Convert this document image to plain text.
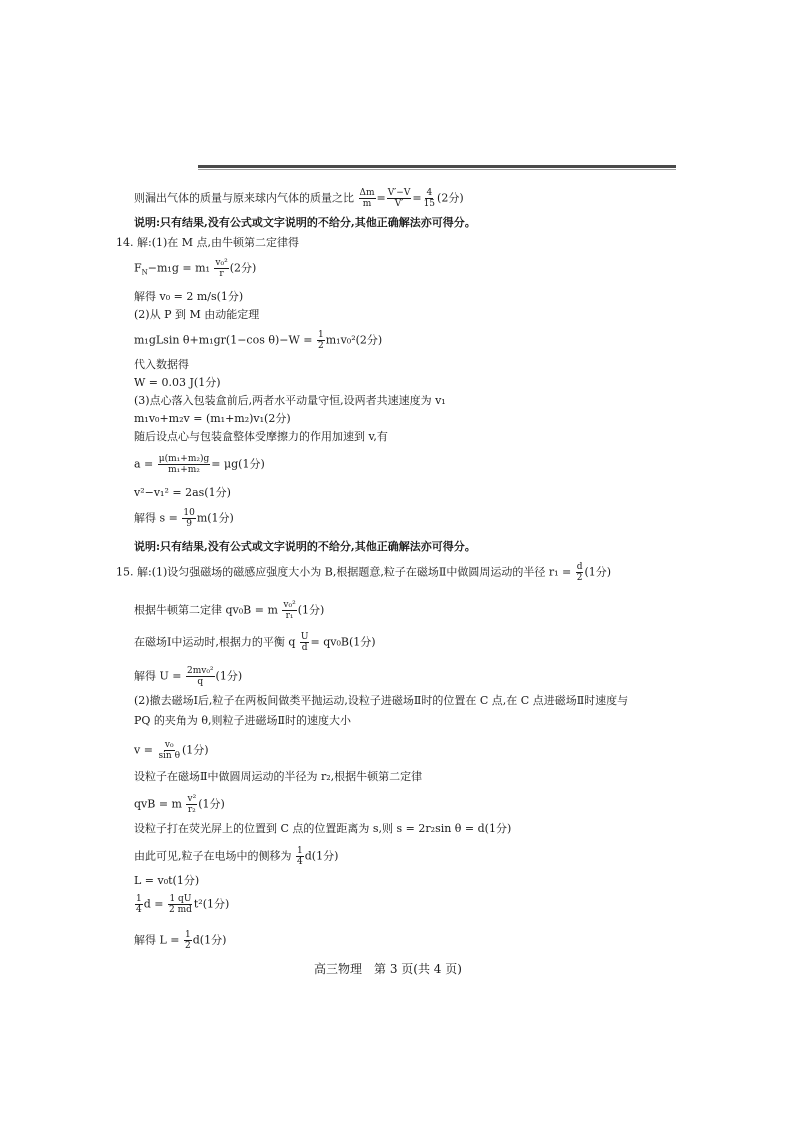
则漏出气体的质量与原来球内气体的质量之比 $\frac{\Delta m}{m} = \frac{V'-V}{V'} = \frac{4}{15} (2$分)
说明:只有结果,没有公式或文字说明的不给分,其他正确解法亦可得分。
14. 解:(1)在 M 点,由牛顿第二定律得
$F_N-m_1g = m_1 \frac{\text{v₀²}}{r} (2$分)
解得 v₀ = 2 m/s(1分)
(2)从 P 到 M 由动能定理
m₁gLsin θ+m₁gr(1−cos $\theta)-W = \frac{1}{2} m_1v_0^2(2$分)
代入数据得
W = 0.03 J(1分)
(3)点心落入包装盒前后,两者水平动量守恒,设两者共速速度为 v₁
m₁v₀+m₂v = (m₁+m₂)v₁(2分)
随后设点心与包装盒整体受摩擦力的作用加速到 v,有
$a = \frac{\text{μ(m₁+m₂)g}}{\text{m₁+m₂}} = \mu g(1$分)
v²−v₁² = 2as(1分)
解得 $s = \frac{10}{9} m(1$分)
说明:只有结果,没有公式或文字说明的不给分,其他正确解法亦可得分。
15. 解:(1)设匀强磁场的磁感应强度大小为 B,根据题意,粒子在磁场Ⅱ中做圆周运动的半径 $r_1 = \frac{d}{2} (1$分)
根据牛顿第二定律 qv₀B = m $\frac{\text{v₀²}}{\text{r₁}} (1$分)
在磁场Ⅰ中运动时,根据力的平衡 q $\frac{U}{d} = qv_0B(1$分)
解得 $U = \frac{\text{2mv₀²}}{q} (1$分)
(2)撤去磁场Ⅰ后,粒子在两板间做类平抛运动,设粒子进磁场Ⅱ时的位置在 C 点,在 C 点进磁场Ⅱ时速度与
PQ 的夹角为 θ,则粒子进磁场Ⅱ时的速度大小
$v = \frac{\text{v₀}}{\text{sin θ}} (1$分)
设粒子在磁场Ⅱ中做圆周运动的半径为 r₂,根据牛顿第二定律
qvB = m $\frac{\text{v²}}{\text{r₂}} (1$分)
设粒子打在荧光屏上的位置到 C 点的位置距离为 s,则 s = 2r₂sin θ = d(1分)
由此可见,粒子在电场中的侧移为 $\frac{1}{4} d(1$分)
L = v₀t(1分)
$\frac{1}{4}$ $d = \frac{1 qU}{2 md} t^2(1$分)
解得 $L = \frac{1}{2} d(1$分)
高三物理　第 3 页(共 4 页)
